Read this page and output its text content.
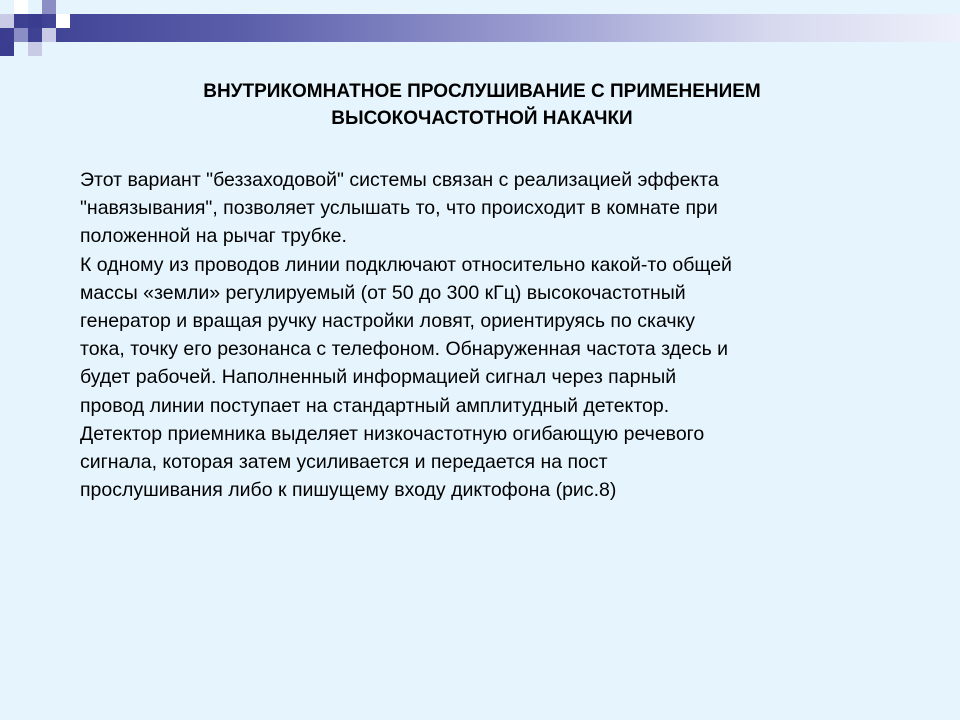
ВНУТРИКОМНАТНОЕ ПРОСЛУШИВАНИЕ С ПРИМЕНЕНИЕМ
ВЫСОКОЧАСТОТНОЙ НАКАЧКИ

Этот вариант "беззаходовой" системы связан с реализацией эффекта

"навязывания", позволяет услышать то, что происходит в комнате при

положенной на рычаг трубке.

К одному из проводов линии подключают относительно какой-то общей

массы «земли» регулируемый (от 50 до 300 кГц) высокочастотный

генератор и вращая ручку настройки ловят, ориентируясь по скачку

тока, точку его резонанса с телефоном. Обнаруженная частота здесь и

будет рабочей. Наполненный информацией сигнал через парный

провод линии поступает на стандартный амплитудный детектор.

Детектор приемника выделяет низкочастотную огибающую речевого

сигнала, которая затем усиливается и передается на пост

прослушивания либо к пишущему входу диктофона (рис.8)
